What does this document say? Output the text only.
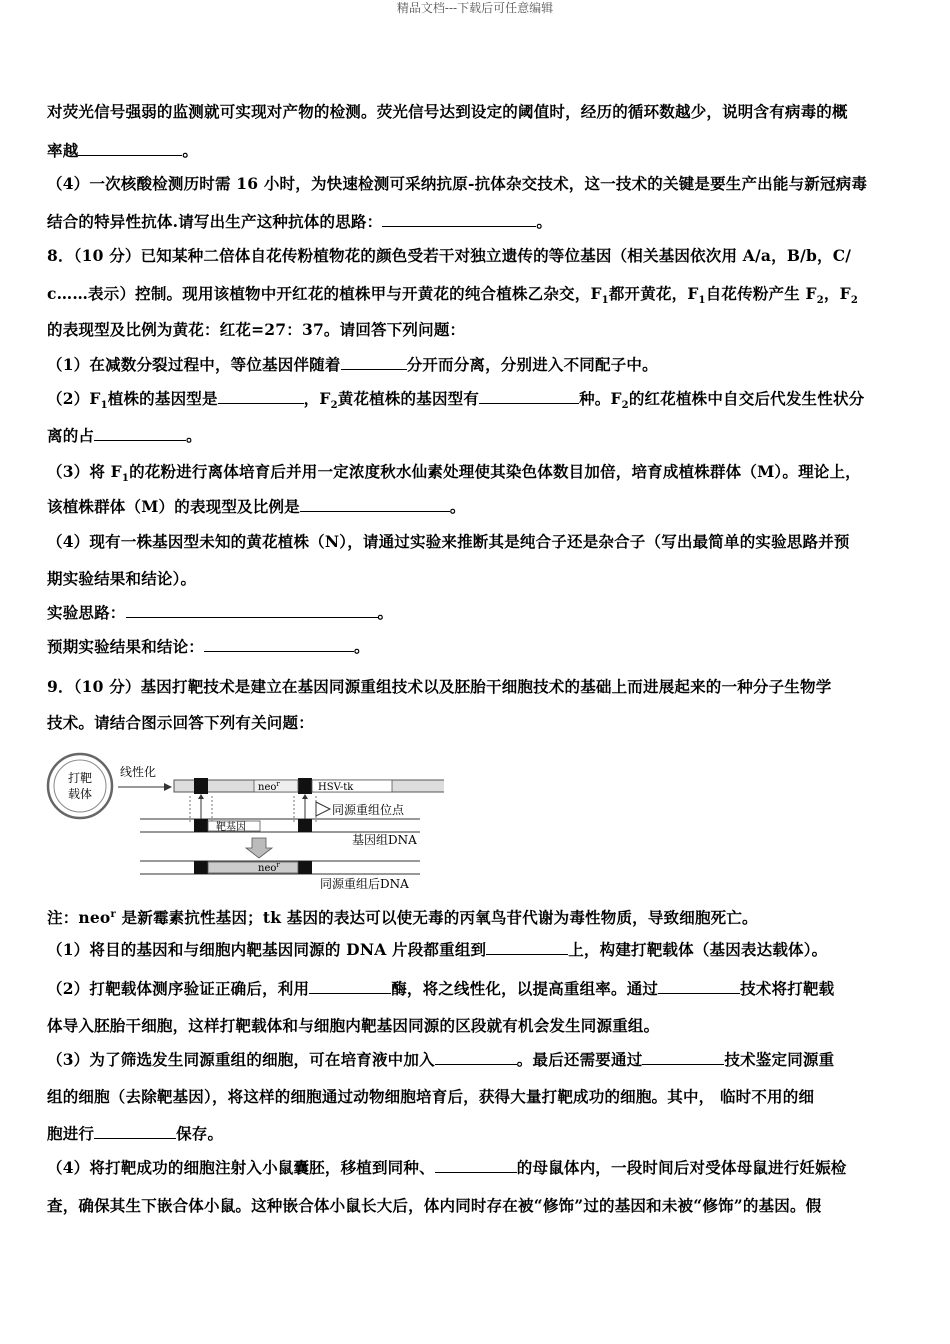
精品文档---下载后可任意编辑
对荧光信号强弱的监测就可实现对产物的检测。荧光信号达到设定的阈值时，经历的循环数越少，说明含有病毒的概
率越	。
（4）一次核酸检测历时需 16 小时，为快速检测可采纳抗原-抗体杂交技术，这一技术的关键是要生产出能与新冠病毒
结合的特异性抗体.请写出生产这种抗体的思路：	。
8．（10 分）已知某种二倍体自花传粉植物花的颜色受若干对独立遗传的等位基因（相关基因依次用 A/a，B/b，C/
c……表示）控制。现用该植物中开红花的植株甲与开黄花的纯合植株乙杂交，$F_1$都开黄花，$F_1$自花传粉产生 $F_2$，$F_2$
的表现型及比例为黄花：红花=27：37。请回答下列问题：
（1）在减数分裂过程中，等位基因伴随着	分开而分离，分别进入不同配子中。
$(2)F_1$植株的基因型是	，$F_2$黄花植株的基因型有	种。$F_2$的红花植株中自交后代发生性状分
离的占	。
（3）将 $F_1$的花粉进行离体培育后并用一定浓度秋水仙素处理使其染色体数目加倍，培育成植株群体（M）。理论上，
该植株群体（M）的表现型及比例是	。
（4）现有一株基因型未知的黄花植株（N），请通过实验来推断其是纯合子还是杂合子（写出最简单的实验思路并预
期实验结果和结论）。
实验思路：	。
预期实验结果和结论：	。
9．（10 分）基因打靶技术是建立在基因同源重组技术以及胚胎干细胞技术的基础上而进展起来的一种分子生物学
技术。请结合图示回答下列有关问题：
打靶
载体
线性化
neo$^r$	HSV-tk
同源重组位点
靶基因
基因组DNA
neo$^r$
同源重组后DNA
注：neo$^r$ 是新霉素抗性基因；tk 基因的表达可以使无毒的丙氧鸟苷代谢为毒性物质，导致细胞死亡。
（1）将目的基因和与细胞内靶基因同源的 DNA 片段都重组到	上，构建打靶载体（基因表达载体）。
（2）打靶载体测序验证正确后，利用	酶，将之线性化，以提高重组率。通过	技术将打靶载
体导入胚胎干细胞，这样打靶载体和与细胞内靶基因同源的区段就有机会发生同源重组。
（3）为了筛选发生同源重组的细胞，可在培育液中加入	。最后还需要通过	技术鉴定同源重
组的细胞（去除靶基因），将这样的细胞通过动物细胞培育后，获得大量打靶成功的细胞。其中， 临时不用的细
胞进行	保存。
（4）将打靶成功的细胞注射入小鼠囊胚，移植到同种、	的母鼠体内，一段时间后对受体母鼠进行妊娠检
查，确保其生下嵌合体小鼠。这种嵌合体小鼠长大后，体内同时存在被“修饰”过的基因和未被“修饰”的基因。假
